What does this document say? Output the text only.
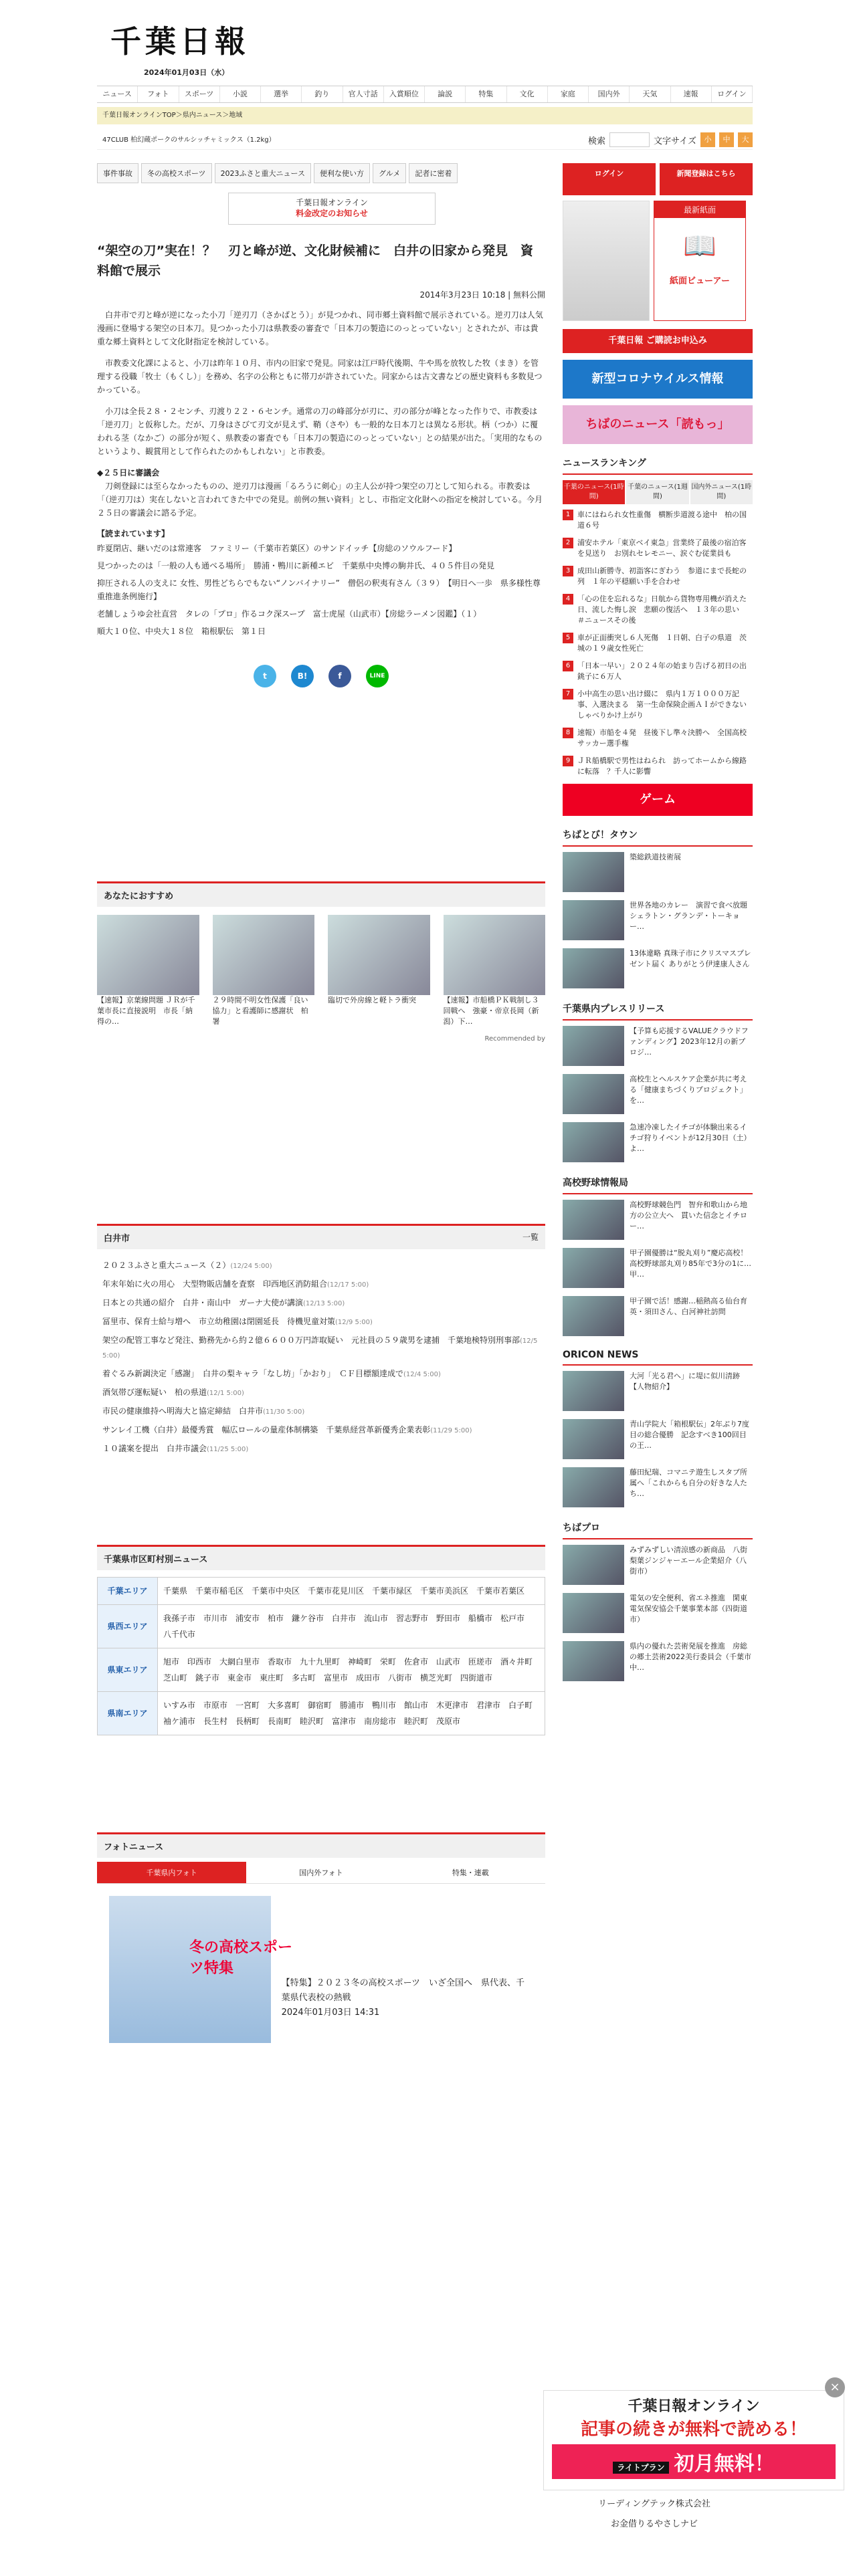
千葉日報
2024年01月03日（水）
ニュース	フォト	スポーツ	小説	選挙	釣り	官人寸話	入賞順位	論説	特集	文化	家庭	国内外	天気	速報	ログイン
千葉日報オンラインTOP＞県内ニュース＞地域
47CLUB 柏幻蔵ポークのサルシッチャミックス（1.2kg）	検索	文字サイズ	小	中	大
事件事故	冬の高校スポーツ	2023ふさと重大ニュース	便利な使い方	グルメ	記者に密着
千葉日報オンライン
料金改定のお知らせ
“架空の刀”実在！？　刃と峰が逆、文化財候補に　白井の旧家から発見　資料館で展示
2014年3月23日 10:18 | 無料公開

　白井市で刃と峰が逆になった小刀「逆刃刀（さかばとう）」が見つかれ、同市郷土資料館で展示されている。逆刃刀は人気漫画に登場する架空の日本刀。見つかった小刀は県教委の審査で「日本刀の製造にのっとっていない」とされたが、市は貴重な郷土資料として文化財指定を検討している。

　市教委文化課によると、小刀は昨年１０月、市内の旧家で発見。同家は江戸時代後期、牛や馬を放牧した牧（まき）を管理する役職「牧士（もくし）」を務め、名字の公称ともに帯刀が許されていた。同家からは古文書などの歴史資料も多数見つかっている。

　小刀は全長２８・２センチ、刃渡り２２・６センチ。通常の刀の峰部分が刃に、刃の部分が峰となった作りで、市教委は「逆刃刀」と仮称した。だが、刀身はさびて刃文が見えず、鞘（さや）も一般的な日本刀とは異なる形状。柄（つか）に覆われる茎（なかご）の部分が短く、県教委の審査でも「日本刀の製造にのっとっていない」との結果が出た。「実用的なものというより、観賞用として作られたのかもしれない」と市教委。

◆２５日に審議会

　刀剣登録には至らなかったものの、逆刃刀は漫画「るろうに剣心」の主人公が持つ架空の刀として知られる。市教委は「（逆刃刀は）実在しないと言われてきた中での発見。前例の無い資料」とし、市指定文化財への指定を検討している。今月２５日の審議会に諮る予定。

【読まれています】
昨夏閉店、継いだのは常連客　ファミリー（千葉市若葉区）のサンドイッチ【房総のソウルフード】
見つかったのは「一般の人も通べる場所」　勝浦・鴨川に新種エビ　千葉県中央博の駒井氏、４０５件目の発見
抑圧される人の支えに 女性、男性どちらでもない“ノンバイナリー”　僧侶の釈夷有さん（３９）　【明日へ一歩　県多様性尊重推進条例施行】
老舗しょうゆ会社直営　タレの「プロ」作るコク深スープ　富士虎屋（山武市）【房総ラーメン図鑑】（１）
順大１０位、中央大１８位　箱根駅伝　第１日
t	B!	f	LINE
あなたにおすすめ
【速報】京葉線問題 ＪＲが千葉市長に直接説明　市長「納得の…
２９時間不明女性保護「良い協力」と看護師に感謝状　柏署
臨切で外房線と軽トラ衝突	【速報】市船橋ＰＫ戦制し３回戦へ　強豪・帝京長岡（新潟）下…
Recommended by
白井市	一覧
２０２３ふさと重大ニュース（２）(12/24 5:00)
年末年始に火の用心　大型物販店舗を査察　印西地区消防組合(12/17 5:00)
日本との共通の紹介　白井・南山中　ガーナ大使が講演(12/13 5:00)
冨里市、保育士給与増へ　市立幼稚園は閉園延長　待機児童対策(12/9 5:00)
架空の配管工事など発注、勤務先から約２億６６００万円詐取疑い　元社員の５９歳男を逮捕　千葉地検特別刑事部(12/5 5:00)
着ぐるみ新調決定「感謝」　白井の梨キャラ「なし坊」「かおり」　ＣＦ目標額達成で(12/4 5:00)
酒気帯び運転疑い　柏の県道(12/1 5:00)
市民の健康維持へ明海大と協定締結　白井市(11/30 5:00)
サンレイ工機（白井）最優秀賞　幅広ロールの量産体制構築　千葉県経営革新優秀企業表彰(11/29 5:00)
１０議案を提出　白井市議会(11/25 5:00)
千葉県市区町村別ニュース
千葉エリア	千葉県　千葉市稲毛区　千葉市中央区　千葉市花見川区　千葉市緑区　千葉市美浜区　千葉市若葉区
県西エリア	我孫子市　市川市　浦安市　柏市　鎌ケ谷市　白井市　流山市　習志野市　野田市　船橋市　松戸市　八千代市
県東エリア	旭市　印西市　大網白里市　香取市　九十九里町　神崎町　栄町　佐倉市　山武市　匝瑳市　酒々井町　芝山町　銚子市　東金市　東庄町　多古町　富里市　成田市　八街市　横芝光町　四街道市
県南エリア	いすみ市　市原市　一宮町　大多喜町　御宿町　勝浦市　鴨川市　館山市　木更津市　君津市　白子町　袖ケ浦市　長生村　長柄町　長南町　睦沢町　富津市　南房総市　睦沢町　茂原市
フォトニュース
千葉県内フォト	国内外フォト	特集・連載
冬の高校スポーツ特集
【特集】２０２３冬の高校スポーツ　いざ全国へ　県代表、千葉県代表校の熱戦
2024年01月03日 14:31
ログイン	新聞登録はこちら
最新紙面
📖
紙面ビューアー
千葉日報 ご購読お申込み
新型コロナウイルス情報
ちばのニュース「読もっ」
ニュースランキング
千葉のニュース(1時間)
千葉のニュース(1週間)
国内外ニュース(1時間)
1 車にはねられ女性重傷　横断歩道渡る途中　柏の国道６号
2 浦安ホテル「東京ベイ東急」営業終了最後の宿泊客を見送り　お別れセレモニー、涙ぐむ従業員も
3 成田山新勝寺、初詣客にぎわう　参道にまで長蛇の列　１年の平穏願い手を合わせ
4 「心の住を忘れるな」日航から貨物専用機が消えた日、流した悔し涙　悲願の復活へ　１３年の思い　＃ニュースその後
5 車が正面衝突し６人死傷　１日朝、白子の県道　茨城の１９歳女性死亡
6 「日本一早い」２０２４年の始まり告げる初日の出　銚子に６万人
7 小中高生の思い出け綴に　県内１万１０００万記事、入選決まる　第一生命保険企画ＡＩができないしゃべりかけ上がり
8 速報）市船を４発　昼後下し準々決勝へ　全国高校サッカー選手権
9 ＪＲ船橋駅で男性はねられ　訪ってホームから線路に転落　？千人に影響
ゲーム
ちばとび！タウン
築総鉄道技術展
世界各地のカレー　演習で食べ放題　シェラトン・グランデ・トーキョー…
13体違略 真珠子市にクリスマスプレゼント届く ありがとう伊達康人さん
千葉県内プレスリリース
【予算も応援するVALUEクラウドファンディング】2023年12月の新プロジ…
高校生とヘルスケア企業が共に考える「健康まちづくりプロジェクト」を…
急速冷凍したイチゴが体験出来るイチゴ狩りイベントが12月30日（土）よ…
高校野球情報局
高校野球競色門　智弁和歌山から地方の公立大へ　貫いた信念とイチロー…
甲子園優勝は“脱丸刈り”慶応高校！高校野球部丸刈り85年で3分の1に…甲…
甲子園で活！感謝…稲熱高る仙台育英・須田さん、白河神社訪問
ORICON NEWS
大河「光る君へ」に堤に似川清跡【人物紹介】
青山学院大「箱根駅伝」2年ぶり7度目の総合優勝　記念すべき100回目の王…
藤田紀瑞、コマニテ遊生しスタブ所属へ「これからも自分の好きな人たち…
ちばプロ
みずみずしい清涼感の新商品　八街梨葉ジンジャーエール企業紹介（八街市）
電気の安全便利、省エネ推進　閑東電気保安協会千葉事業本部（四街道市）
県内の優れた芸術発展を推進　房総の郷土芸術2022美行委員会（千葉市中…
×
千葉日報オンライン
記事の続きが無料で読める！
ライトプラン 初月無料！
リーディングテック株式会社
お金借りるやさしナビ
